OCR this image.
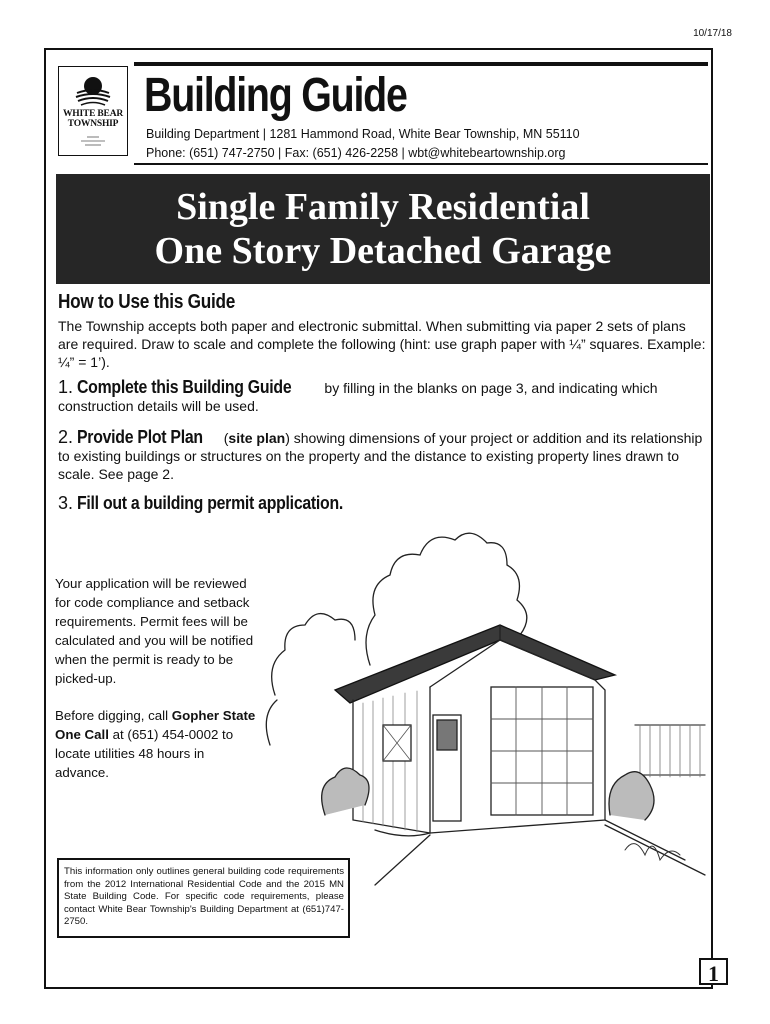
10/17/18
WHITE BEAR
TOWNSHIP
Building Guide
Building Department | 1281 Hammond Road, White Bear Township, MN 55110
Phone: (651) 747-2750 | Fax: (651) 426-2258 | wbt@whitebeartownship.org
Single Family Residential
One Story Detached Garage
How to Use this Guide
The Township accepts both paper and electronic submittal. When submitting via paper 2 sets of plans are required. Draw to scale and complete the following (hint: use graph paper with ¼” squares. Example: ¼” = 1’).
1. Complete this Building Guide by filling in the blanks on page 3, and indicating which construction details will be used.
2. Provide Plot Plan (site plan) showing dimensions of your project or addition and its relationship to existing buildings or structures on the property and the distance to existing property lines drawn to scale. See page 2.
3. Fill out a building permit application.
Your application will be reviewed for code compliance and setback requirements. Permit fees will be calculated and you will be notified when the permit is ready to be picked-up.
Before digging, call Gopher State One Call at (651) 454-0002 to locate utilities 48 hours in advance.
This information only outlines general building code requirements from the 2012 International Residential Code and the 2015 MN State Building Code. For specific code requirements, please contact White Bear Township's Building Department at (651)747-2750.
1
